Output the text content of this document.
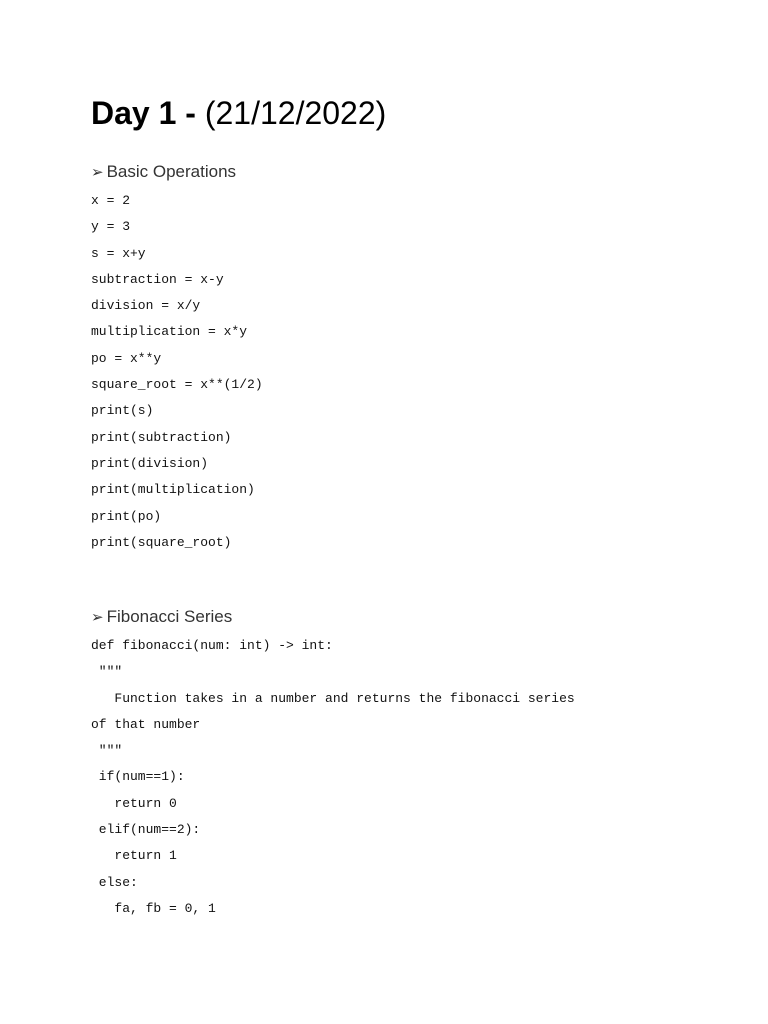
Day 1 - (21/12/2022)
➢ Basic Operations
x = 2
y = 3
s = x+y
subtraction = x-y
division = x/y
multiplication = x*y
po = x**y
square_root = x**(1/2)
print(s)
print(subtraction)
print(division)
print(multiplication)
print(po)
print(square_root)
➢ Fibonacci Series
def fibonacci(num: int) -> int:
"""
Function takes in a number and returns the fibonacci series
of that number
"""
if(num==1):
return 0
elif(num==2):
return 1
else:
fa, fb = 0, 1
